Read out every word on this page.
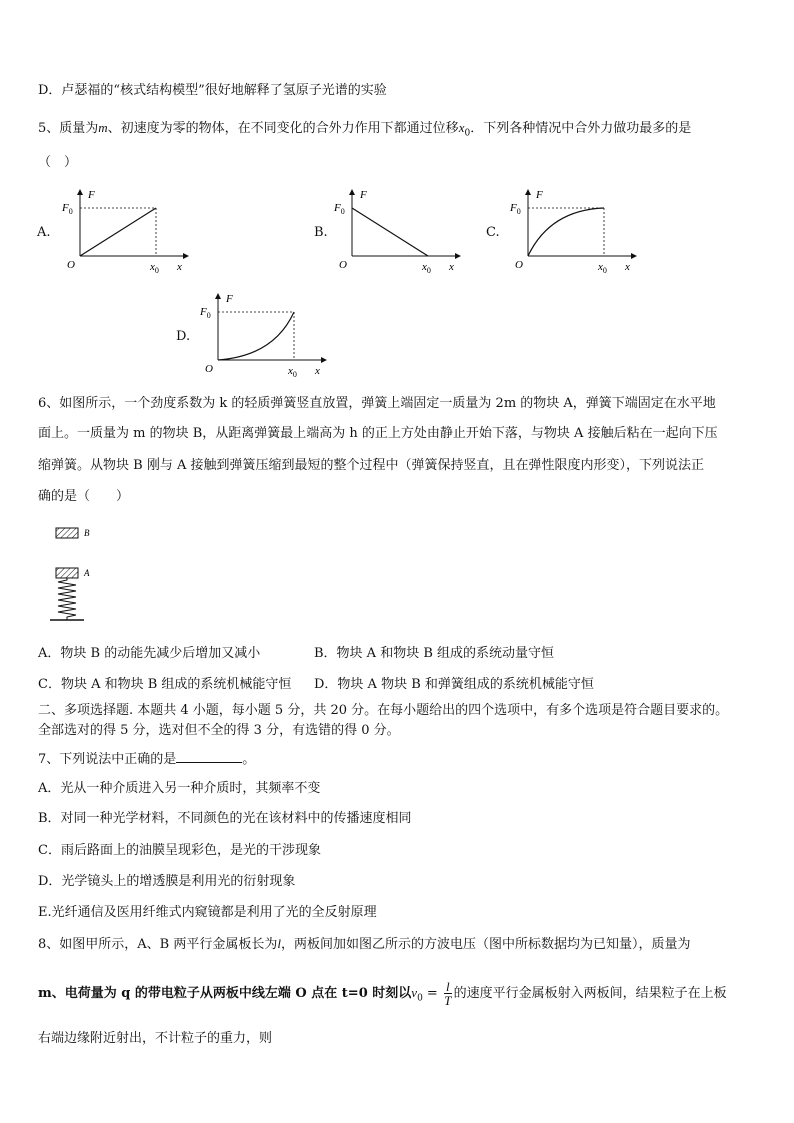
D．卢瑟福的“核式结构模型”很好地解释了氢原子光谱的实验
5、质量为m、初速度为零的物体，在不同变化的合外力作用下都通过位移$x_0$．下列各种情况中合外力做功最多的是
（　）
A.	B.	C.
D.
F
$F_0$
O	$x_0$ x
F
$F_0$
O	$x_0$ x
F
$F_0$
O	$x_0$ x
F
$F_0$
O	$x_0$ x
6、如图所示，一个劲度系数为 k 的轻质弹簧竖直放置，弹簧上端固定一质量为 2m 的物块 A，弹簧下端固定在水平地
面上。一质量为 m 的物块 B，从距离弹簧最上端高为 h 的正上方处由静止开始下落，与物块 A 接触后粘在一起向下压
缩弹簧。从物块 B 刚与 A 接触到弹簧压缩到最短的整个过程中（弹簧保持竖直，且在弹性限度内形变），下列说法正
确的是（　　）
B
A
A．物块 B 的动能先减少后增加又减小	B．物块 A 和物块 B 组成的系统动量守恒
C．物块 A 和物块 B 组成的系统机械能守恒 D．物块 A 物块 B 和弹簧组成的系统机械能守恒
二、多项选择题. 本题共 4 小题，每小题 5 分，共 20 分。在每小题给出的四个选项中，有多个选项是符合题目要求的。
全部选对的得 5 分，选对但不全的得 3 分，有选错的得 0 分。
7、下列说法中正确的是	。
A．光从一种介质进入另一种介质时，其频率不变
B．对同一种光学材料，不同颜色的光在该材料中的传播速度相同
C．雨后路面上的油膜呈现彩色，是光的干涉现象
D．光学镜头上的增透膜是利用光的衍射现象
E.光纤通信及医用纤维式内窥镜都是利用了光的全反射原理
8、如图甲所示，A、B 两平行金属板长为l，两板间加如图乙所示的方波电压（图中所标数据均为已知量），质量为
m、电荷量为 q 的带电粒子从两板中线左端 O 点在 t=0 时刻以$v_0 = \frac{l}{T}$ 的速度平行金属板射入两板间，结果粒子在上板
右端边缘附近射出，不计粒子的重力，则
